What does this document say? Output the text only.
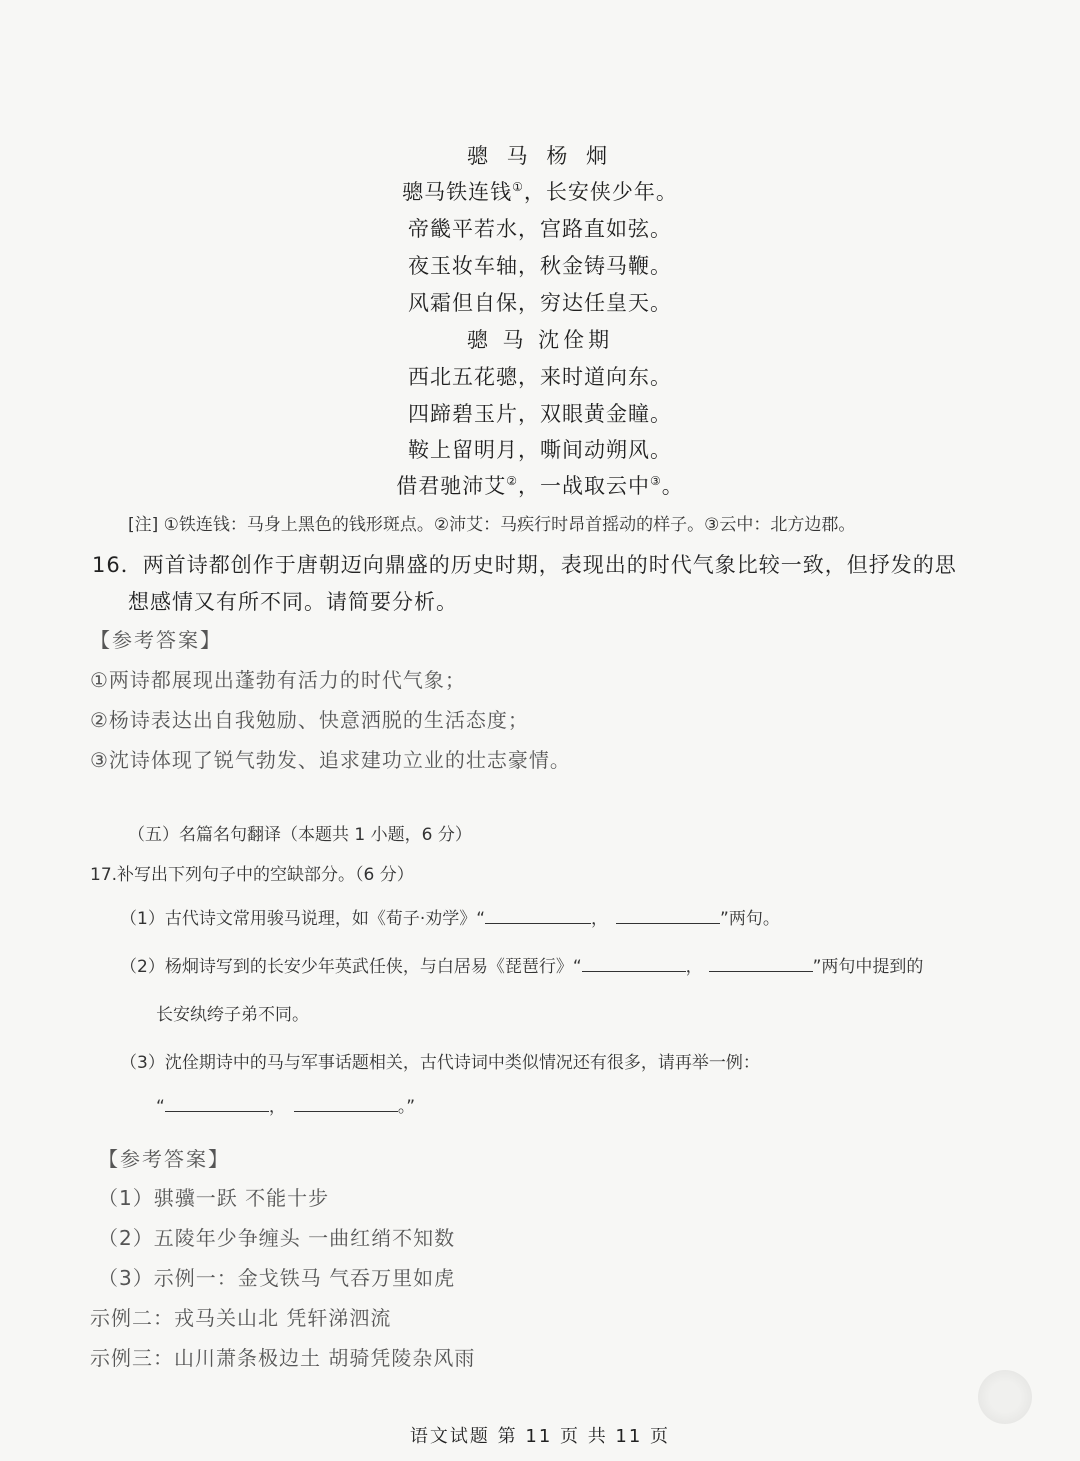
骢 马 杨 炯
骢马铁连钱①，长安侠少年。
帝畿平若水，宫路直如弦。
夜玉妆车轴，秋金铸马鞭。
风霜但自保，穷达任皇天。
骢 马 沈佺期
西北五花骢，来时道向东。
四蹄碧玉片，双眼黄金瞳。
鞍上留明月，嘶间动朔风。
借君驰沛艾②，一战取云中③。
[注] ①铁连钱：马身上黑色的钱形斑点。②沛艾：马疾行时昂首摇动的样子。③云中：北方边郡。
16．两首诗都创作于唐朝迈向鼎盛的历史时期，表现出的时代气象比较一致，但抒发的思
想感情又有所不同。请简要分析。
【参考答案】
①两诗都展现出蓬勃有活力的时代气象；
②杨诗表达出自我勉励、快意洒脱的生活态度；
③沈诗体现了锐气勃发、追求建功立业的壮志豪情。
（五）名篇名句翻译（本题共 1 小题，6 分）
17.补写出下列句子中的空缺部分。（6 分）
（1）古代诗文常用骏马说理，如《荀子·劝学》“	，	”两句。
（2）杨炯诗写到的长安少年英武任侠，与白居易《琵琶行》“	，	”两句中提到的
长安纨绔子弟不同。
（3）沈佺期诗中的马与军事话题相关，古代诗词中类似情况还有很多，请再举一例：
“	，	。”
【参考答案】
（1）骐骥一跃 不能十步
（2）五陵年少争缠头 一曲红绡不知数
（3）示例一：金戈铁马 气吞万里如虎
示例二：戎马关山北 凭轩涕泗流
示例三：山川萧条极边土 胡骑凭陵杂风雨
语文试题 第 11 页 共 11 页
